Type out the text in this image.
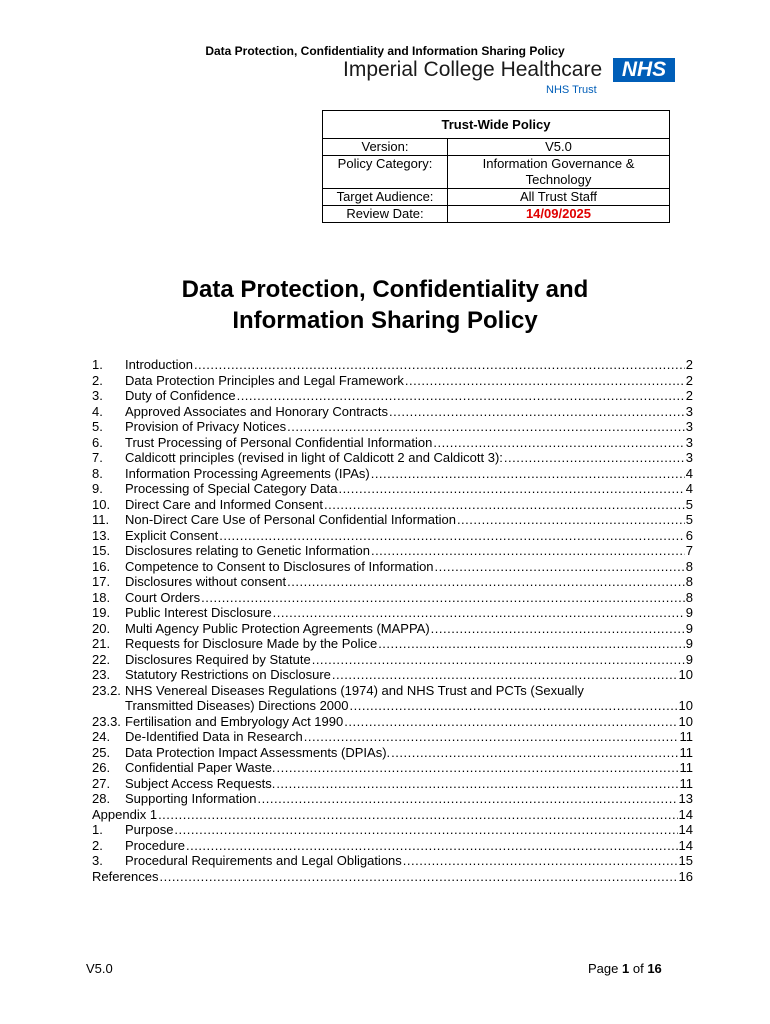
Data Protection, Confidentiality and Information Sharing Policy
Imperial College Healthcare NHS
NHS Trust
Trust-Wide Policy	
Version:	V5.0
Policy Category:	Information Governance & Technology
Target Audience:	All Trust Staff
Review Date:	14/09/2025
Data Protection, Confidentiality and
Information Sharing Policy
1.	Introduction .....	2
2.	Data Protection Principles and Legal Framework .....	2
3.	Duty of Confidence .....	2
4.	Approved Associates and Honorary Contracts .....	3
5.	Provision of Privacy Notices .....	3
6.	Trust Processing of Personal Confidential Information .....	3
7.	Caldicott principles (revised in light of Caldicott 2 and Caldicott 3): .....	3
8.	Information Processing Agreements (IPAs) .....	4
9.	Processing of Special Category Data .....	4
10.	Direct Care and Informed Consent .....	5
11.	Non-Direct Care Use of Personal Confidential Information .....	5
13.	Explicit Consent .....	6
15.	Disclosures relating to Genetic Information .....	7
16.	Competence to Consent to Disclosures of Information .....	8
17.	Disclosures without consent .....	8
18.	Court Orders .....	8
19.	Public Interest Disclosure .....	9
20.	Multi Agency Public Protection Agreements (MAPPA) .....	9
21.	Requests for Disclosure Made by the Police .....	9
22.	Disclosures Required by Statute .....	9
23.	Statutory Restrictions on Disclosure .....	10
23.2. NHS Venereal Diseases Regulations (1974) and NHS Trust and PCTs (Sexually
Transmitted Diseases) Directions 2000 .....	10
23.3. Fertilisation and Embryology Act 1990 .....	10
24.	De-Identified Data in Research .....	11
25.	Data Protection Impact Assessments (DPIAs). .....	11
26.	Confidential Paper Waste. .....	11
27.	Subject Access Requests. .....	11
28.	Supporting Information .....	13
Appendix 1 .....	14
1.	Purpose .....	14
2.	Procedure .....	14
3.	Procedural Requirements and Legal Obligations .....	15
References .....	16
V5.0	Page 1 of 16
